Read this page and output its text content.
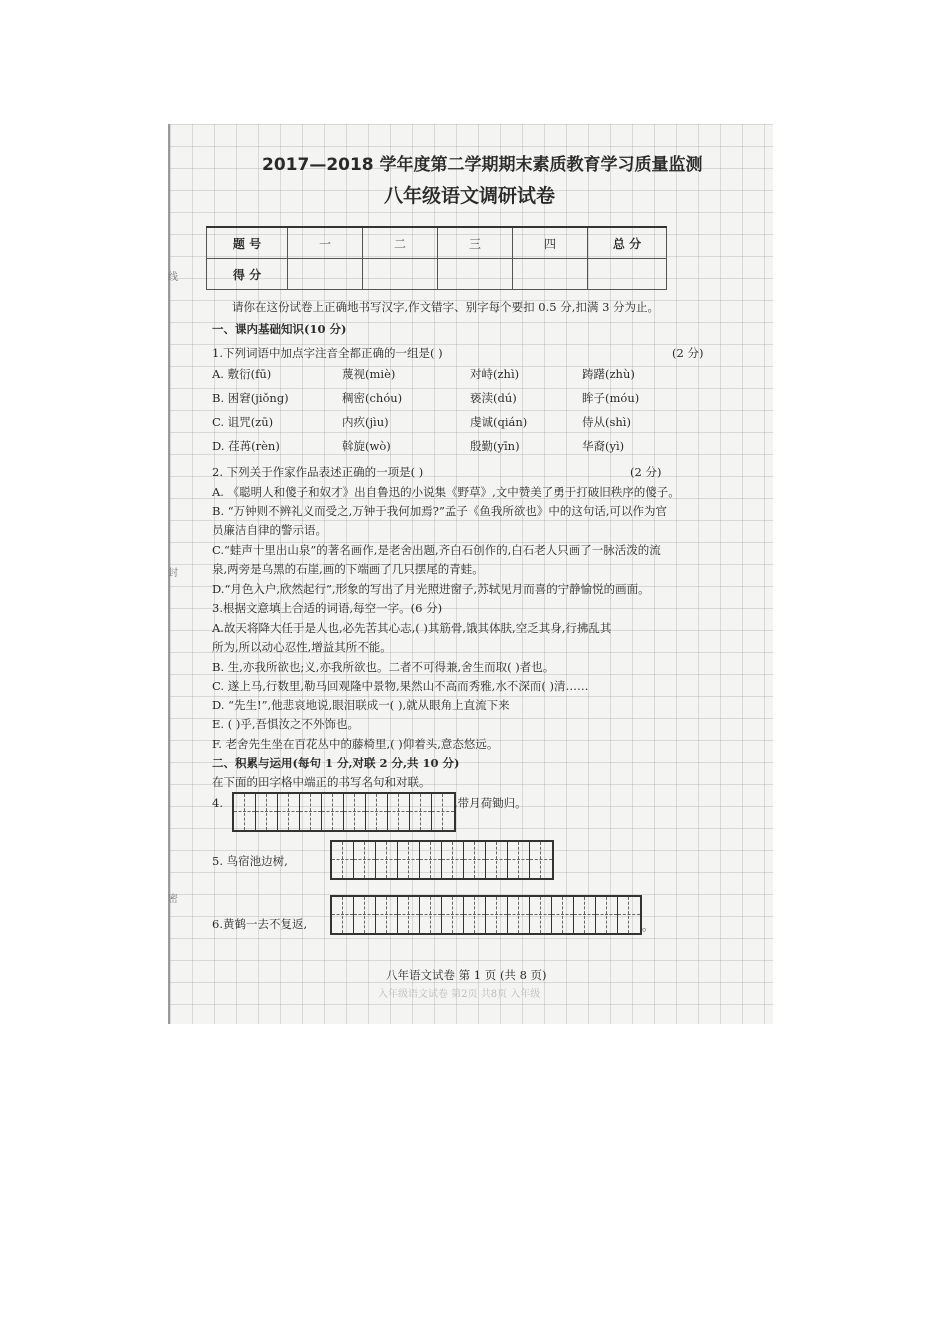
线
封
密
2017—2018 学年度第二学期期末素质教育学习质量监测
八年级语文调研试卷
题 号	一	二	三	四	总 分
得 分					
请你在这份试卷上正确地书写汉字,作文错字、别字每个要扣 0.5 分,扣满 3 分为止。
一、课内基础知识(10 分)
1.下列词语中加点字注音全都正确的一组是( )	(2 分)
A. 敷衍(fū)	蔑视(miè)	对峙(zhì)	踌躇(zhù)
B. 困窘(jiǒng)	稠密(chóu)	亵渎(dú)	眸子(móu)
C. 诅咒(zū)	内疚(jìu)	虔诚(qián)	侍从(shì)
D. 荏苒(rèn)	斡旋(wò)	殷勤(yīn)	华裔(yì)
2. 下列关于作家作品表述正确的一项是( )	(2 分)
A. 《聪明人和傻子和奴才》出自鲁迅的小说集《野草》,文中赞美了勇于打破旧秩序的傻子。
B. “万钟则不辨礼义而受之,万钟于我何加焉?”孟子《鱼我所欲也》中的这句话,可以作为官
员廉洁自律的警示语。
C.“蛙声十里出山泉”的著名画作,是老舍出题,齐白石创作的,白石老人只画了一脉活泼的流
泉,两旁是乌黑的石崖,画的下端画了几只摆尾的青蛙。
D.“月色入户,欣然起行”,形象的写出了月光照进窗子,苏轼见月而喜的宁静愉悦的画面。
3.根据文意填上合适的词语,每空一字。(6 分)
A.故天将降大任于是人也,必先苦其心志,( )其筋骨,饿其体肤,空乏其身,行拂乱其
所为,所以动心忍性,增益其所不能。
B. 生,亦我所欲也;义,亦我所欲也。二者不可得兼,舍生而取( )者也。
C. 遂上马,行数里,勒马回观隆中景物,果然山不高而秀雅,水不深而( )清……
D. “先生!”,他悲哀地说,眼泪联成一( ),就从眼角上直流下来
E. ( )乎,吾惧汝之不外饰也。
F. 老舍先生坐在百花丛中的藤椅里,( )仰着头,意态悠远。
二、积累与运用(每句 1 分,对联 2 分,共 10 分)
在下面的田字格中端正的书写名句和对联。
4.	,带月荷锄归。
5. 鸟宿池边树,
6.黄鹤一去不复返,	。
八年语文试卷 第 1 页 (共 8 页)
入年级语文试卷 第2页 共8页 入年级
